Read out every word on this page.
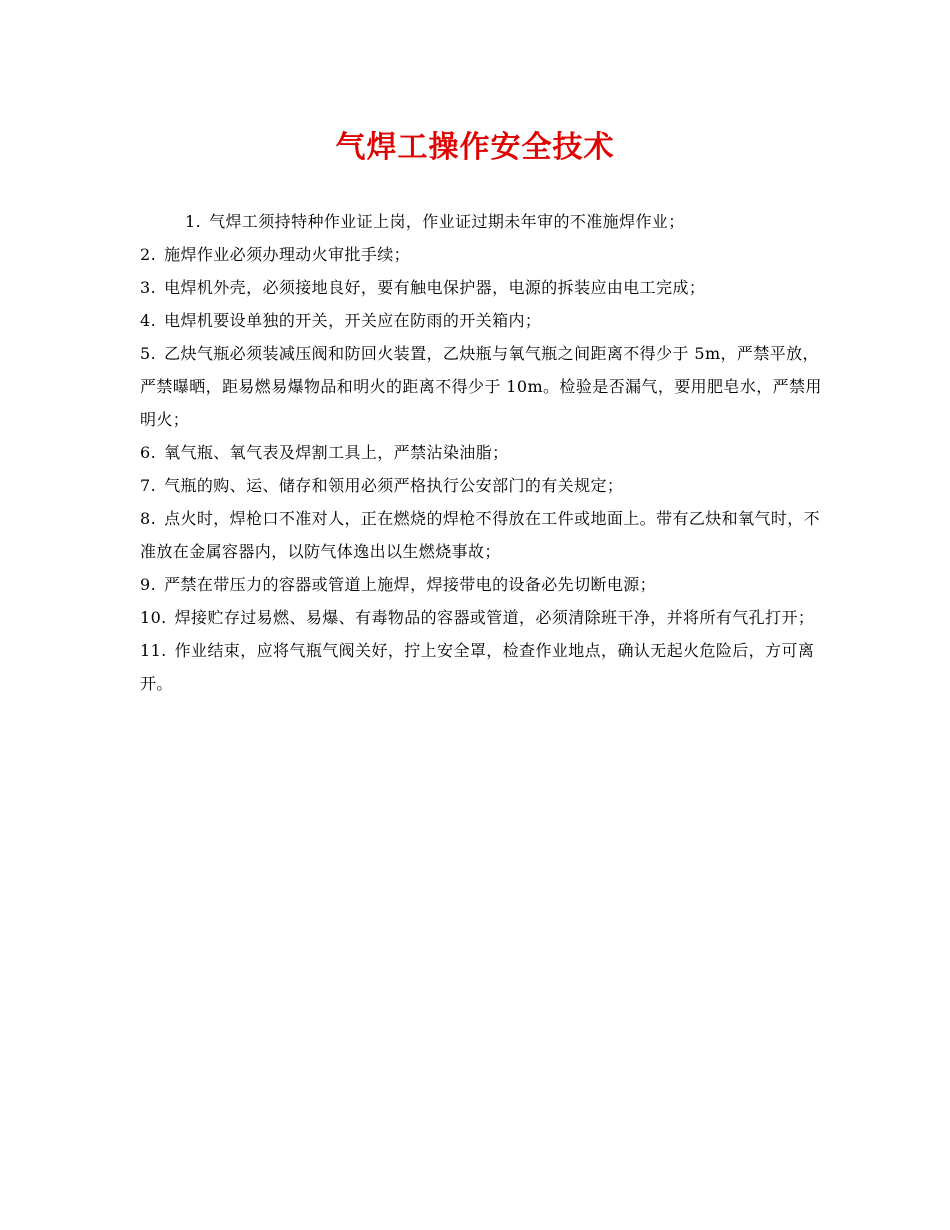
气焊工操作安全技术

1. 气焊工须持特种作业证上岗，作业证过期未年审的不准施焊作业；

2. 施焊作业必须办理动火审批手续；

3. 电焊机外壳，必须接地良好，要有触电保护器，电源的拆装应由电工完成；

4. 电焊机要设单独的开关，开关应在防雨的开关箱内；

5. 乙炔气瓶必须装减压阀和防回火装置，乙炔瓶与氧气瓶之间距离不得少于 5m，严禁平放，严禁曝晒，距易燃易爆物品和明火的距离不得少于 10m。检验是否漏气，要用肥皂水，严禁用明火；

6. 氧气瓶、氧气表及焊割工具上，严禁沾染油脂；

7. 气瓶的购、运、储存和领用必须严格执行公安部门的有关规定；

8. 点火时，焊枪口不准对人，正在燃烧的焊枪不得放在工件或地面上。带有乙炔和氧气时，不准放在金属容器内，以防气体逸出以生燃烧事故；

9. 严禁在带压力的容器或管道上施焊，焊接带电的设备必先切断电源；

10. 焊接贮存过易燃、易爆、有毒物品的容器或管道，必须清除班干净，并将所有气孔打开；

11. 作业结束，应将气瓶气阀关好，拧上安全罩，检查作业地点，确认无起火危险后，方可离开。
